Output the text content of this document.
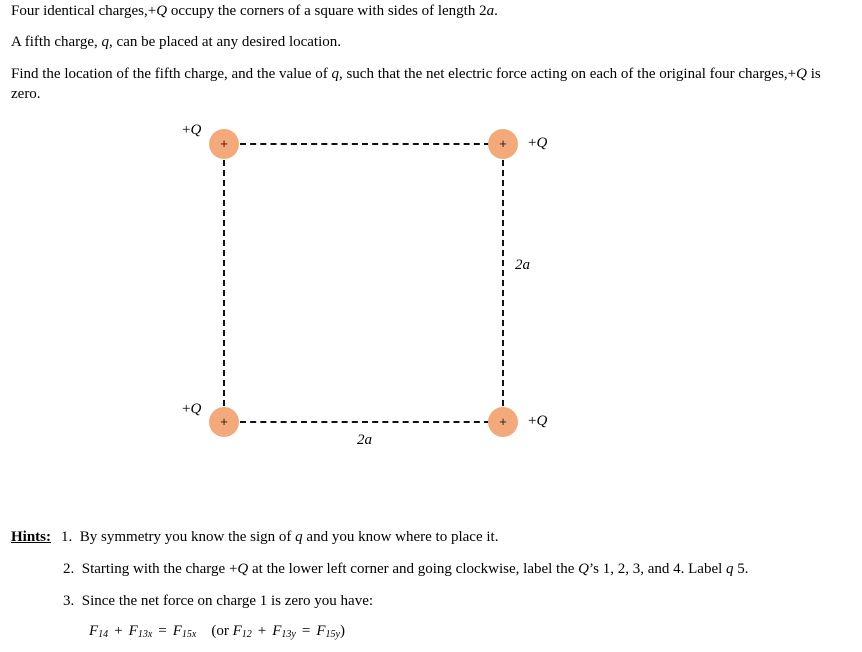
Four identical charges,+Q occupy the corners of a square with sides of length 2a.
A fifth charge, q, can be placed at any desired location.
Find the location of the fifth charge, and the value of q, such that the net electric force acting on each of the original four charges,+Q is zero.
+	+
+	+
+Q
+Q
+Q
+Q
2a
2a
Hints: 1. By symmetry you know the sign of q and you know where to place it.
2. Starting with the charge +Q at the lower left corner and going clockwise, label the Q’s 1, 2, 3, and 4. Label q 5.
3. Since the net force on charge 1 is zero you have:
$F_{14} + F_{13x} = F_{15x}$ (or $F_{12} + F_{13y} = F_{15y}$)
